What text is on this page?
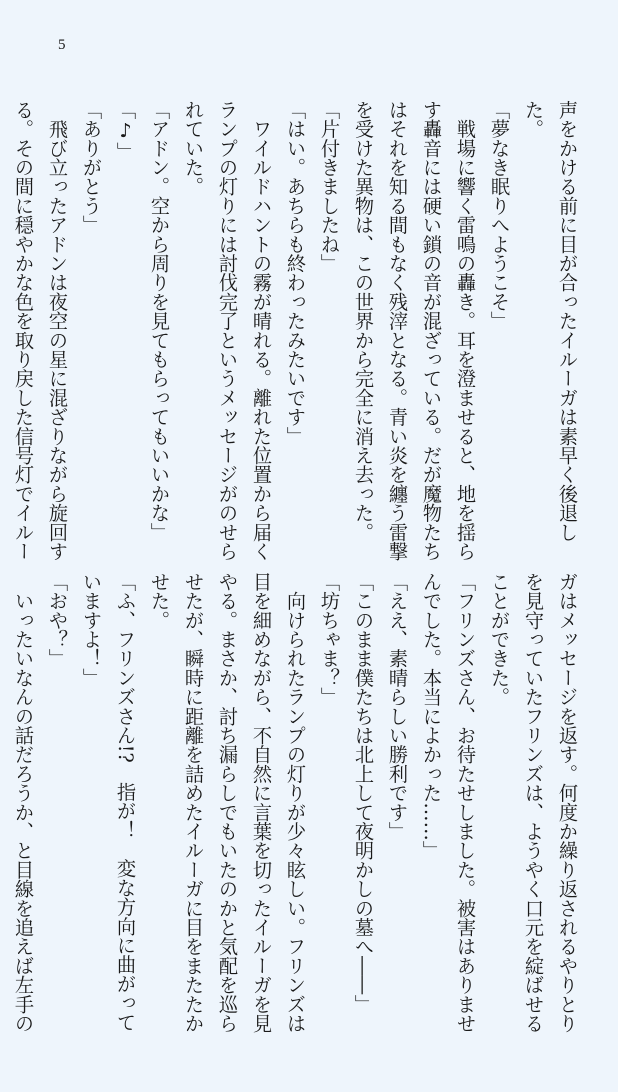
5
声をかける前に目が合ったイルーガは素早く後退し
た。
「夢なき眠りへようこそ」
　戦場に響く雷鳴の轟き。耳を澄ませると、地を揺ら
す轟音には硬い鎖の音が混ざっている。だが魔物たち
はそれを知る間もなく残滓となる。青い炎を纏う雷撃
を受けた異物は、この世界から完全に消え去った。
「片付きましたね」
「はい。あちらも終わったみたいです」
　ワイルドハントの霧が晴れる。離れた位置から届く
ランプの灯りには討伐完了というメッセージがのせら
れていた。
「アドン。空から周りを見てもらってもいいかな」
「♪」
「ありがとう」
　飛び立ったアドンは夜空の星に混ざりながら旋回す
る。その間に穏やかな色を取り戻した信号灯でイルー
ガはメッセージを返す。何度か繰り返されるやりとり
を見守っていたフリンズは、ようやく口元を綻ばせる
ことができた。
「フリンズさん、お待たせしました。被害はありませ
んでした。本当によかった……」
「ええ、素晴らしい勝利です」
「このまま僕たちは北上して夜明かしの墓へ――」
「坊ちゃま？」
　向けられたランプの灯りが少々眩しい。フリンズは
目を細めながら、不自然に言葉を切ったイルーガを見
やる。まさか、討ち漏らしでもいたのかと気配を巡ら
せたが、瞬時に距離を詰めたイルーガに目をまたたか
せた。
「ふ、フリンズさん!?　指が！　変な方向に曲がって
いますよ！」
「おや？」
　いったいなんの話だろうか、と目線を追えば左手の
